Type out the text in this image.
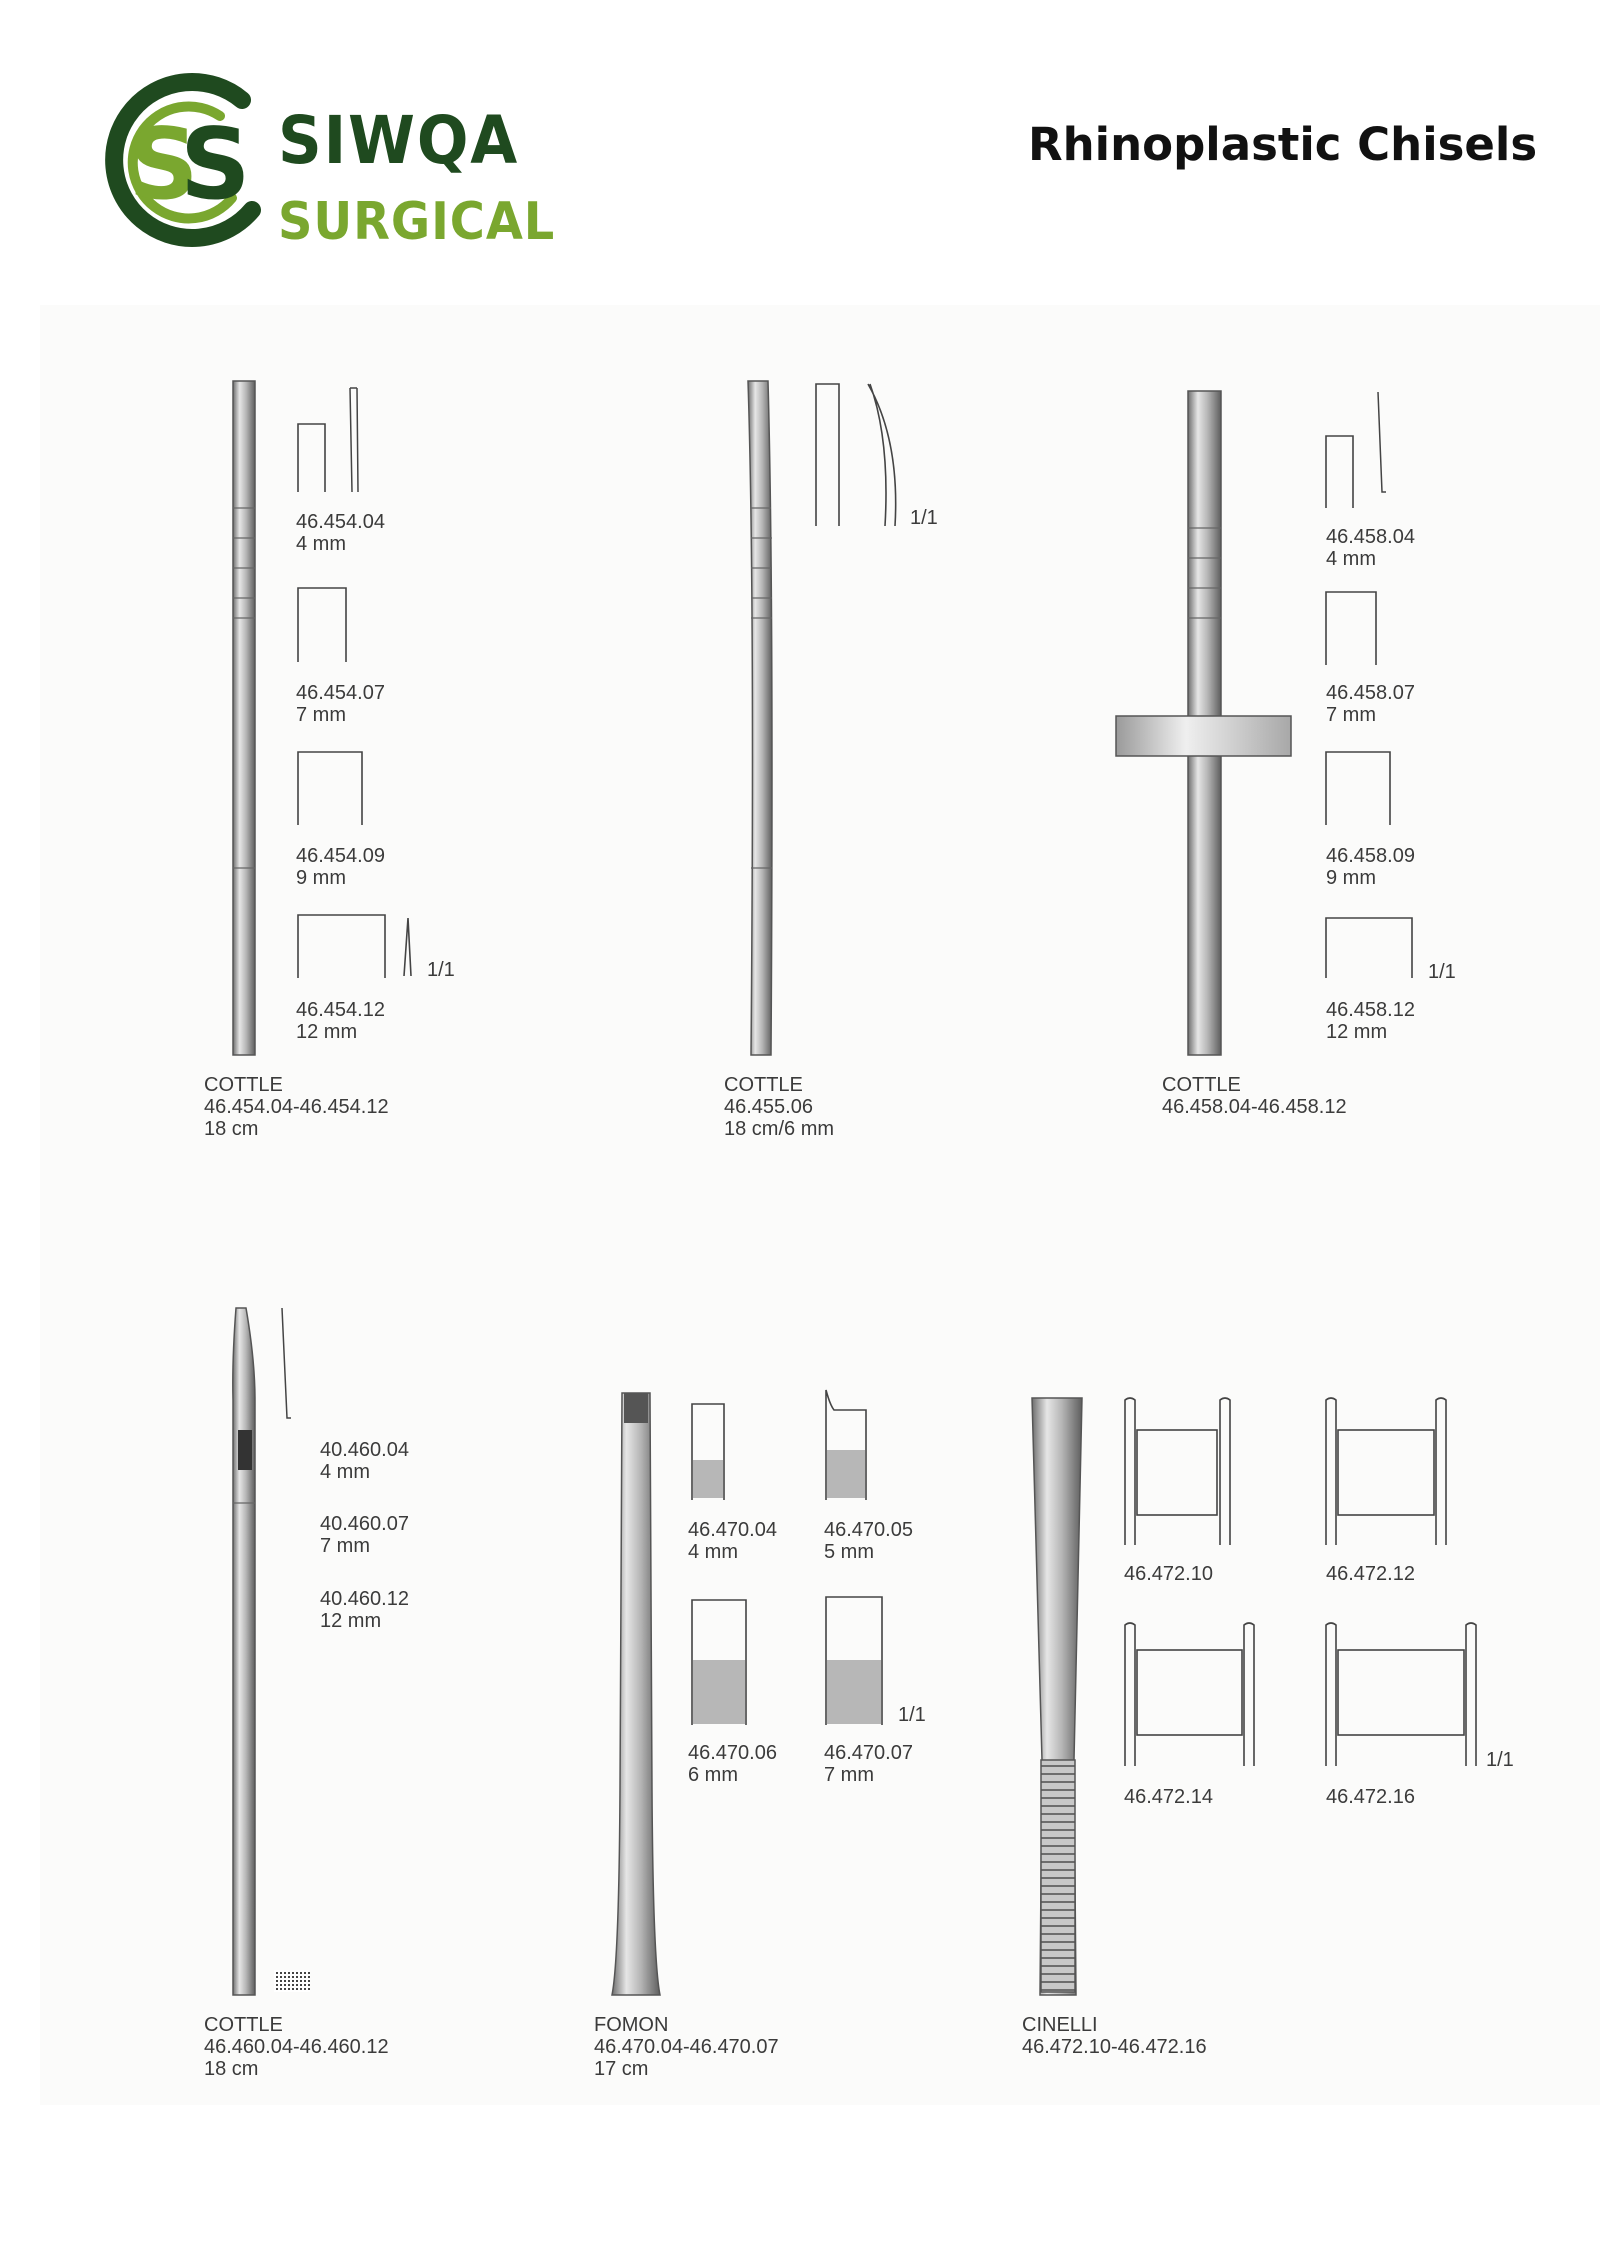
S
S SIWQA
SURGICAL
Rhinoplastic Chisels
46.454.04
4 mm
46.454.07
7 mm
46.454.09
9 mm
46.454.12
12 mm
1/1
COTTLE
46.454.04-46.454.12
18 cm
1/1
COTTLE
46.455.06
18 cm/6 mm
46.458.04
4 mm
46.458.07
7 mm
46.458.09
9 mm
46.458.12
12 mm
1/1
COTTLE
46.458.04-46.458.12
40.460.04
4 mm
40.460.07
7 mm
40.460.12
12 mm
COTTLE
46.460.04-46.460.12
18 cm
46.470.04
4 mm
46.470.05
5 mm
46.470.06
6 mm
46.470.07
7 mm
1/1
FOMON
46.470.04-46.470.07
17 cm
46.472.10	46.472.12
46.472.14	46.472.16
1/1
CINELLI
46.472.10-46.472.16
